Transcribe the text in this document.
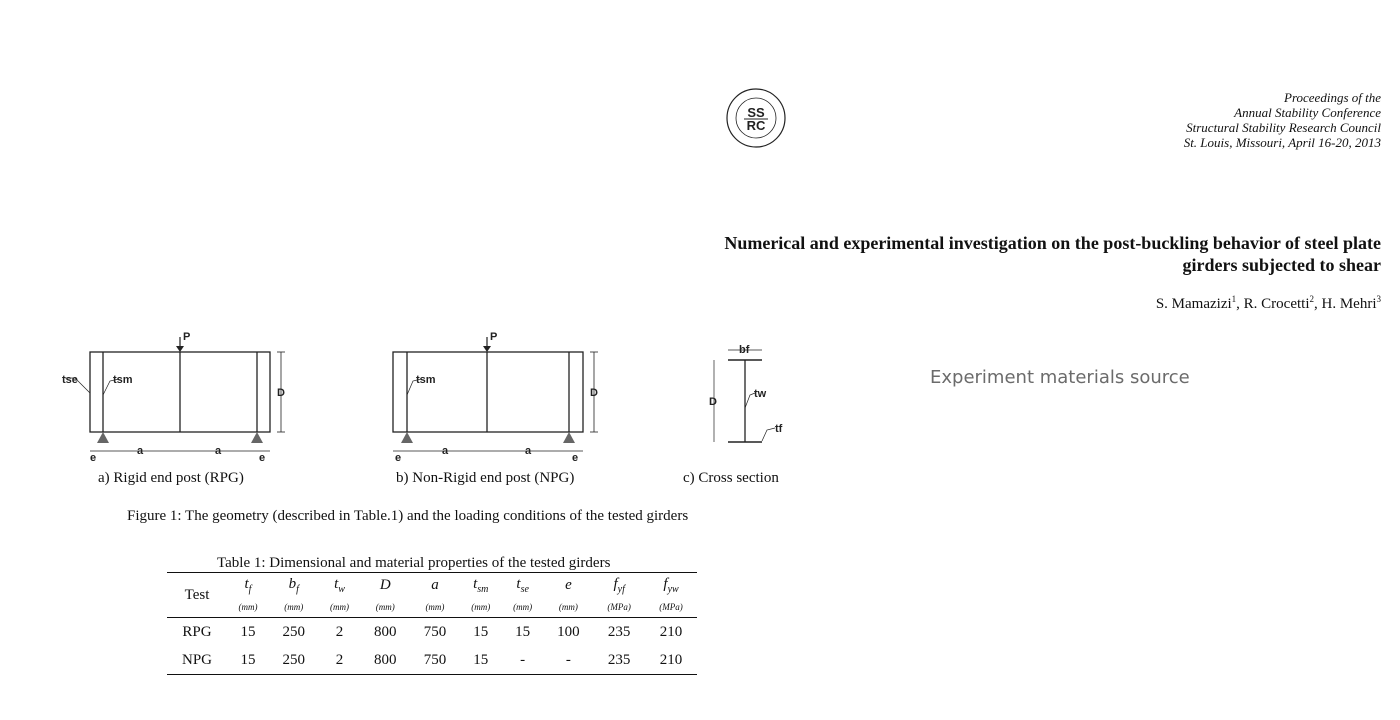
SS
RC
Proceedings of the
Annual Stability Conference
Structural Stability Research Council
St. Louis, Missouri, April 16-20, 2013
Numerical and experimental investigation on the post-buckling behavior of steel plate girders subjected to shear
S. Mamazizi$^1$, R. Crocetti$^2$, H. Mehri$^3$
Experiment materials source
P
D
tse	tsm
a	a
e	e
P
D
tsm
a	a
e	e
bf
D
tw
tf
a) Rigid end post (RPG)	b) Non-Rigid end post (NPG)	c) Cross section
Figure 1: The geometry (described in Table.1) and the loading conditions of the tested girders
Table 1: Dimensional and material properties of the tested girders
Test	$t_f$	$b_f$	$t_w$	D	a	$t_{sm}$	$t_{se}$	e	$f_{yf}$	$f_{yw}$
	(mm)	(mm)	(mm)	(mm)	(mm)	(mm)	(mm)	(mm)	(MPa)	(MPa)
RPG	15	250	2	800	750	15	15	100	235	210
NPG	15	250	2	800	750	15	-	-	235	210
